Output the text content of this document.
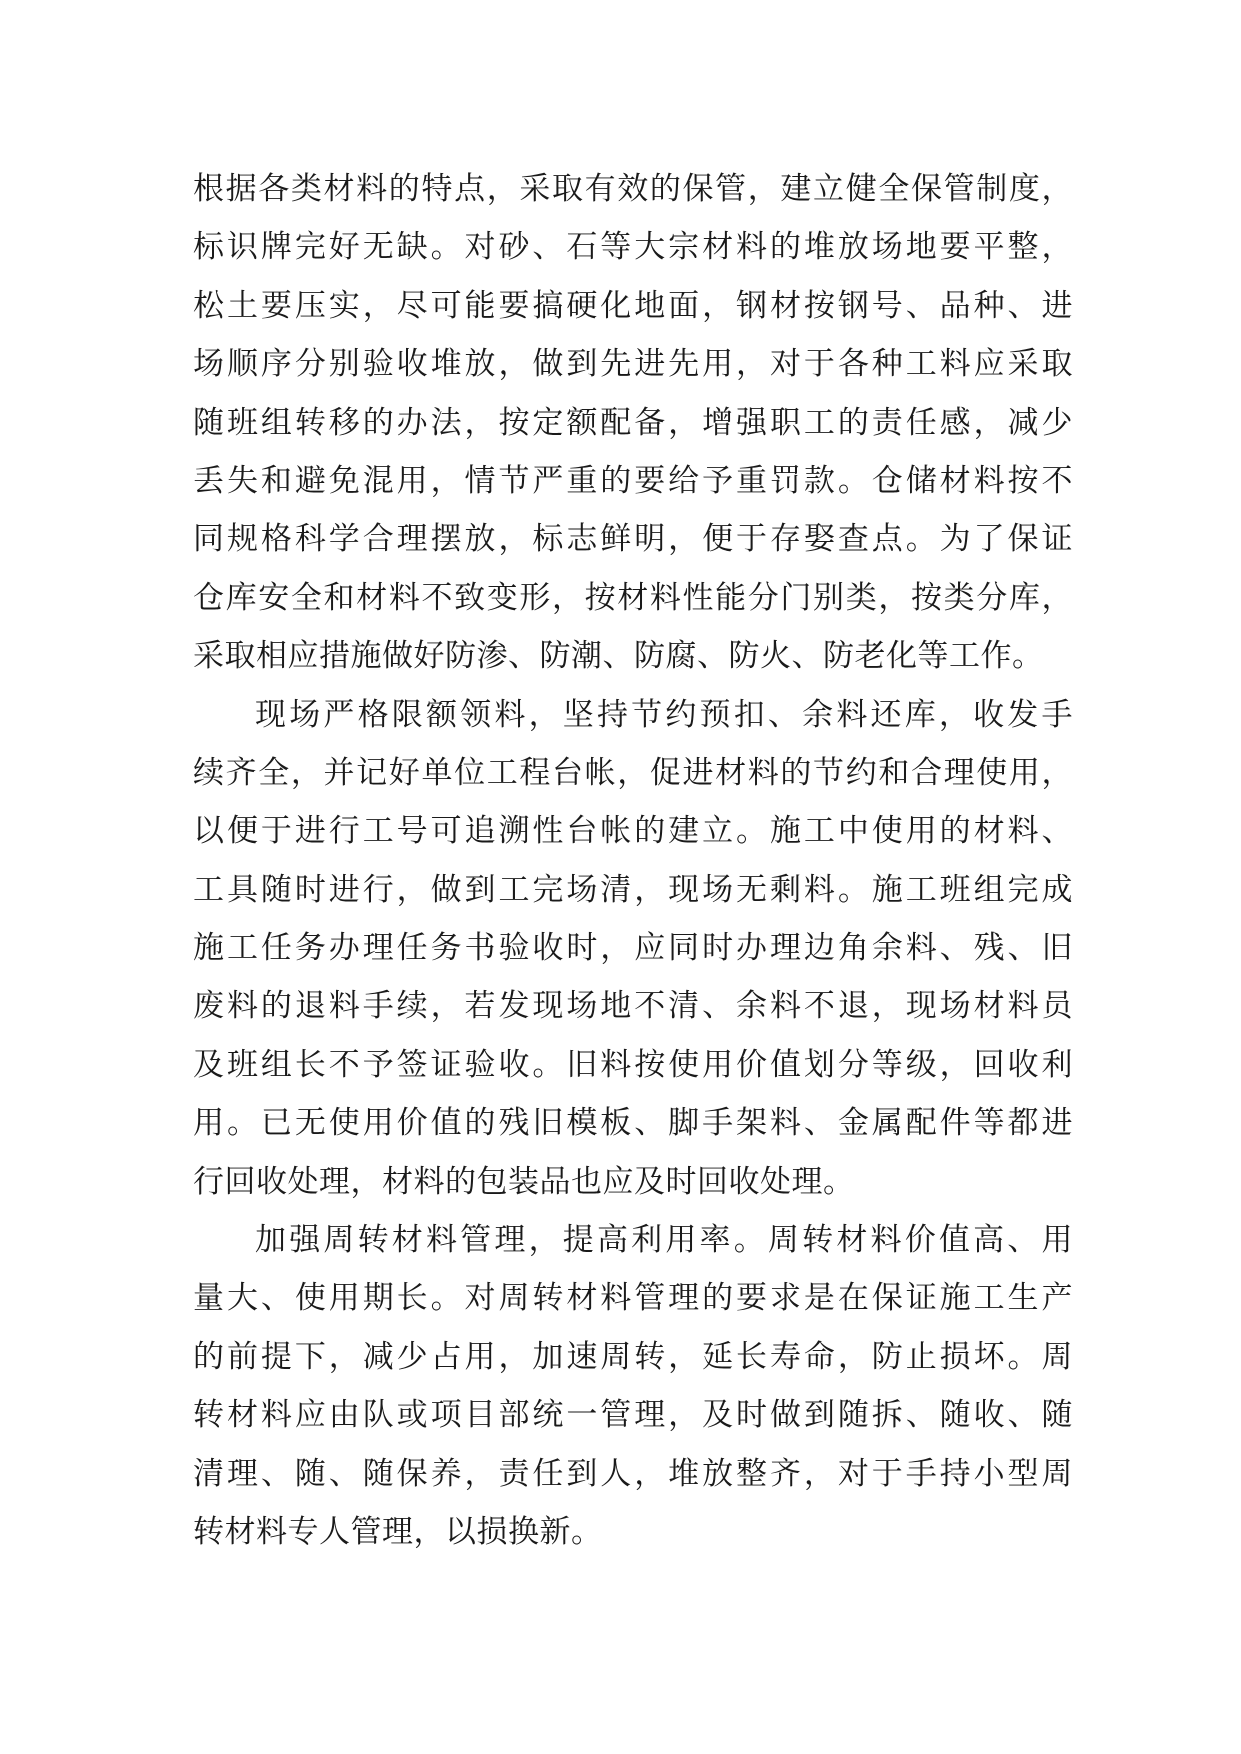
根据各类材料的特点，采取有效的保管，建立健全保管制度，
标识牌完好无缺。对砂、石等大宗材料的堆放场地要平整，
松土要压实，尽可能要搞硬化地面，钢材按钢号、品种、进
场顺序分别验收堆放，做到先进先用，对于各种工料应采取
随班组转移的办法，按定额配备，增强职工的责任感，减少
丢失和避免混用，情节严重的要给予重罚款。仓储材料按不
同规格科学合理摆放，标志鲜明，便于存娶查点。为了保证
仓库安全和材料不致变形，按材料性能分门别类，按类分库，
采取相应措施做好防渗、防潮、防腐、防火、防老化等工作。
现场严格限额领料，坚持节约预扣、余料还库，收发手
续齐全，并记好单位工程台帐，促进材料的节约和合理使用，
以便于进行工号可追溯性台帐的建立。施工中使用的材料、
工具随时进行，做到工完场清，现场无剩料。施工班组完成
施工任务办理任务书验收时，应同时办理边角余料、残、旧
废料的退料手续，若发现场地不清、余料不退，现场材料员
及班组长不予签证验收。旧料按使用价值划分等级，回收利
用。已无使用价值的残旧模板、脚手架料、金属配件等都进
行回收处理，材料的包装品也应及时回收处理。
加强周转材料管理，提高利用率。周转材料价值高、用
量大、使用期长。对周转材料管理的要求是在保证施工生产
的前提下，减少占用，加速周转，延长寿命，防止损坏。周
转材料应由队或项目部统一管理，及时做到随拆、随收、随
清理、随、随保养，责任到人，堆放整齐，对于手持小型周
转材料专人管理，以损换新。
